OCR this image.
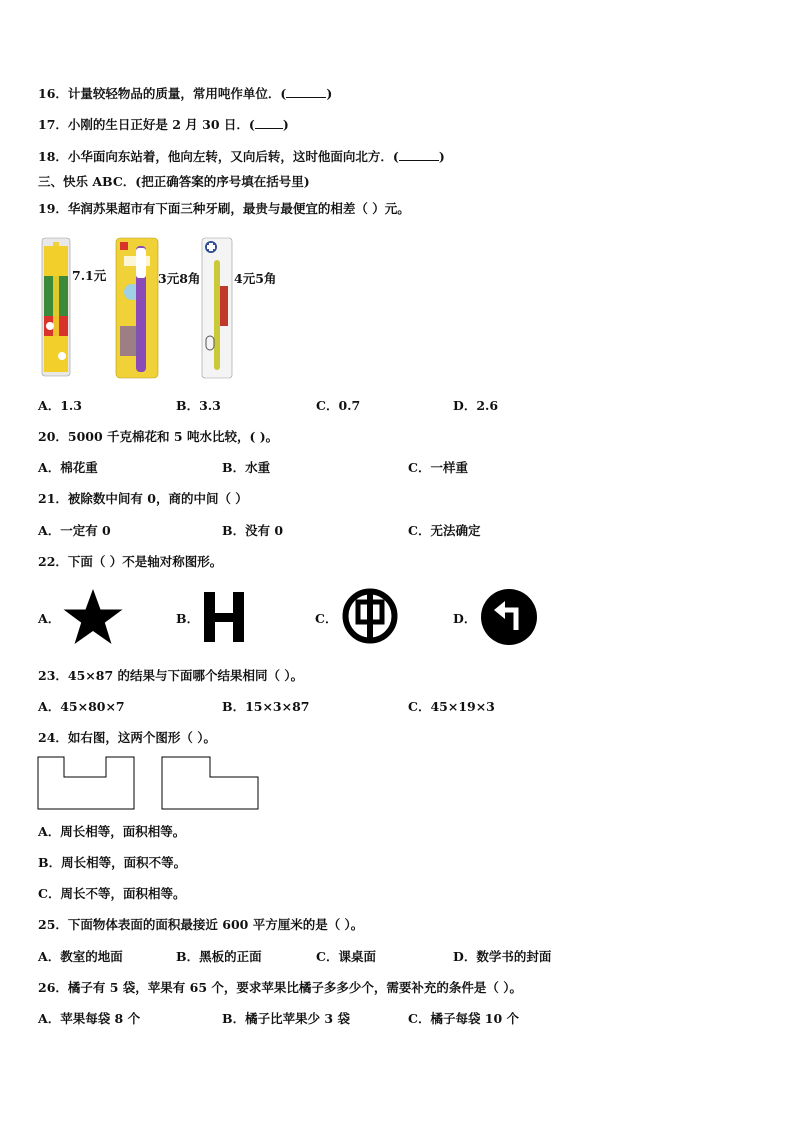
16．计量较轻物品的质量，常用吨作单位．(	)
17．小刚的生日正好是 2 月 30 日．( )
18．小华面向东站着，他向左转，又向后转，这时他面向北方．(	)
三、快乐 ABC．(把正确答案的序号填在括号里)
19．华润苏果超市有下面三种牙刷，最贵与最便宜的相差（ ）元。
7.1元	3元8角	4元5角
A．1.3	B．3.3	C．0.7	D．2.6
20．5000 千克棉花和 5 吨水比较，( )。
A．棉花重	B．水重	C．一样重
21．被除数中间有 0，商的中间（ ）
A．一定有 0	B．没有 0	C．无法确定
22．下面（ ）不是轴对称图形。
A．	B．	C．	D．
23．45×87 的结果与下面哪个结果相同（ ）。
A．45×80×7	B．15×3×87	C．45×19×3
24．如右图，这两个图形（ ）。
A．周长相等，面积相等。
B．周长相等，面积不等。
C．周长不等，面积相等。
25．下面物体表面的面积最接近 600 平方厘米的是（ ）。
A．教室的地面	B．黑板的正面	C．课桌面	D．数学书的封面
26．橘子有 5 袋，苹果有 65 个，要求苹果比橘子多多少个，需要补充的条件是（ ）。
A．苹果每袋 8 个	B．橘子比苹果少 3 袋	C．橘子每袋 10 个
